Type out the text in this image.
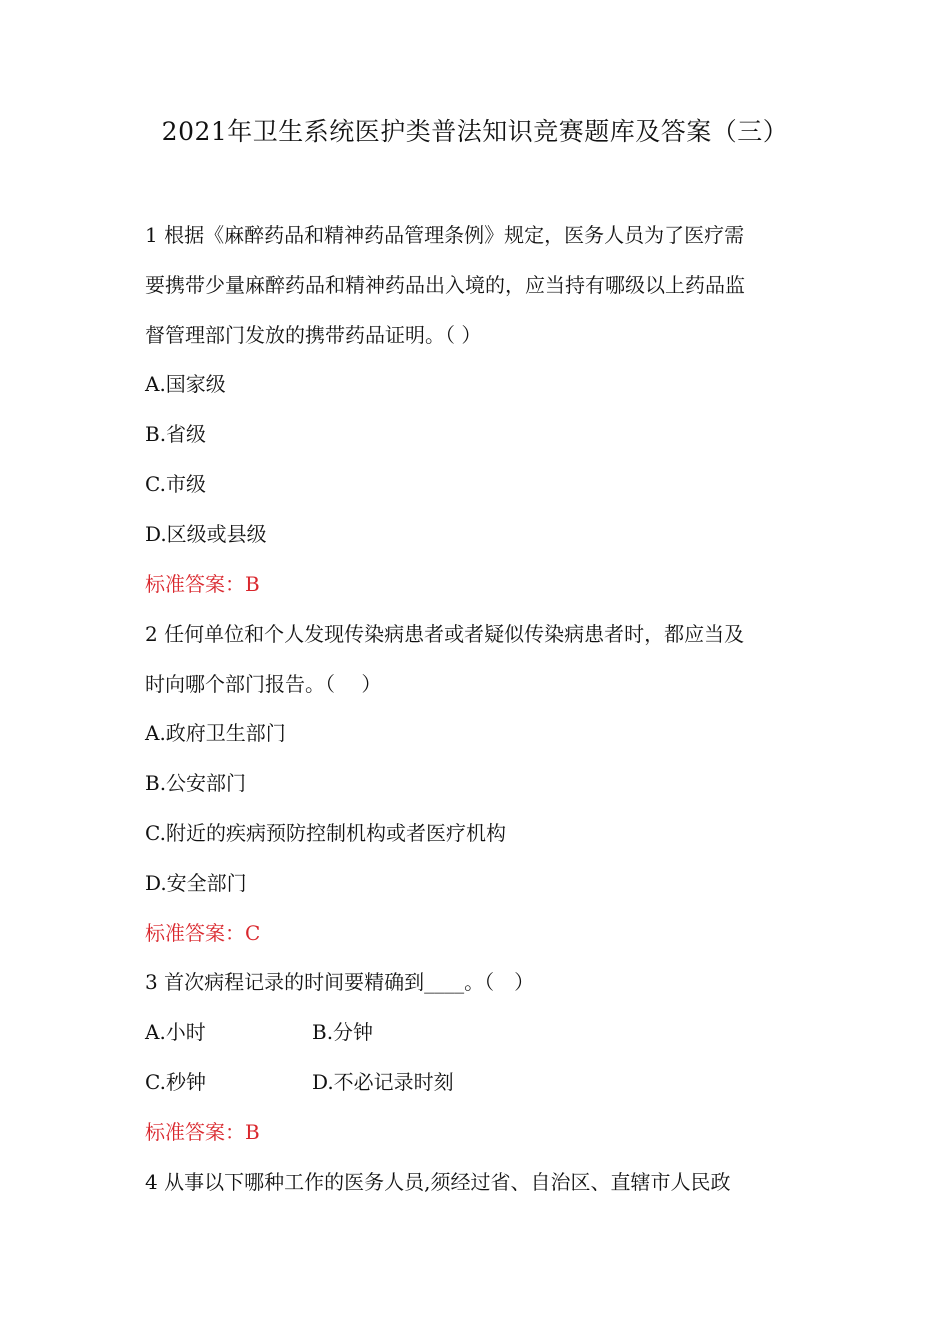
2021年卫生系统医护类普法知识竞赛题库及答案（三）
1 根据《麻醉药品和精神药品管理条例》规定，医务人员为了医疗需
要携带少量麻醉药品和精神药品出入境的，应当持有哪级以上药品监
督管理部门发放的携带药品证明。（ ）
A.国家级
B.省级
C.市级
D.区级或县级
标准答案：B
2 任何单位和个人发现传染病患者或者疑似传染病患者时，都应当及
时向哪个部门报告。（　 ）
A.政府卫生部门
B.公安部门
C.附近的疾病预防控制机构或者医疗机构
D.安全部门
标准答案：C
3 首次病程记录的时间要精确到____。（　）
A.小时	B.分钟
C.秒钟	D.不必记录时刻
标准答案：B
4 从事以下哪种工作的医务人员,须经过省、自治区、直辖市人民政
